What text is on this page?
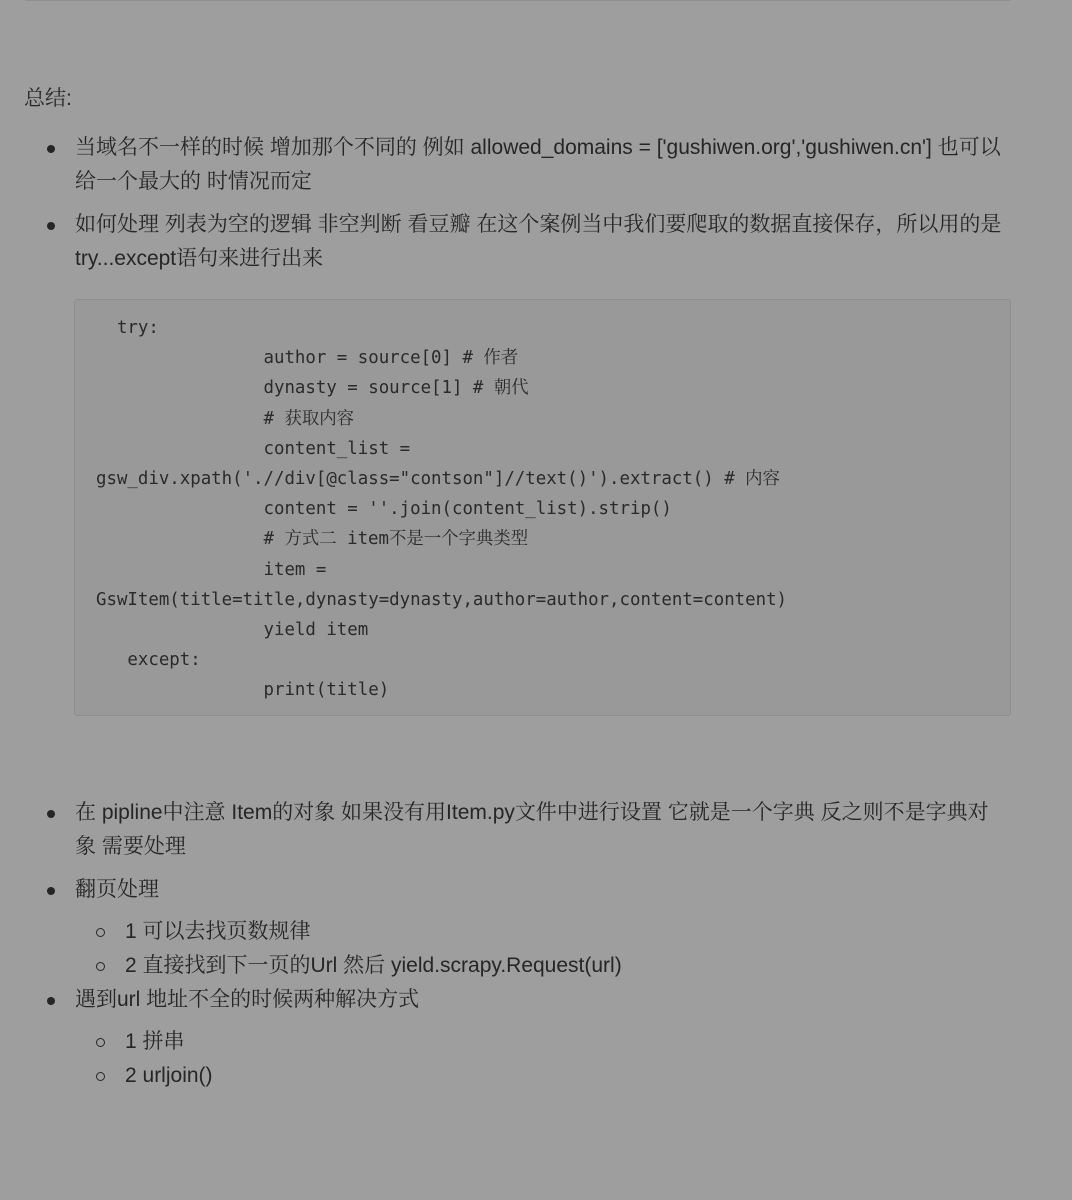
总结:
当域名不一样的时候 增加那个不同的 例如 allowed_domains = ['gushiwen.org','gushiwen.cn'] 也可以给一个最大的 时情况而定
如何处理 列表为空的逻辑 非空判断 看豆瓣 在这个案例当中我们要爬取的数据直接保存，所以用的是 try...except语句来进行出来
try:
author = source[0] # 作者
dynasty = source[1] # 朝代
# 获取内容
content_list =
gsw_div.xpath('.//div[@class="contson"]//text()').extract() # 内容
content = ''.join(content_list).strip()
# 方式二 item不是一个字典类型
item =
GswItem(title=title,dynasty=dynasty,author=author,content=content)
yield item
except:
print(title)
在 pipline中注意 Item的对象 如果没有用Item.py文件中进行设置 它就是一个字典 反之则不是字典对象 需要处理
翻页处理
1 可以去找页数规律
2 直接找到下一页的Url 然后 yield.scrapy.Request(url)
遇到url 地址不全的时候两种解决方式
1 拼串
2 urljoin()
